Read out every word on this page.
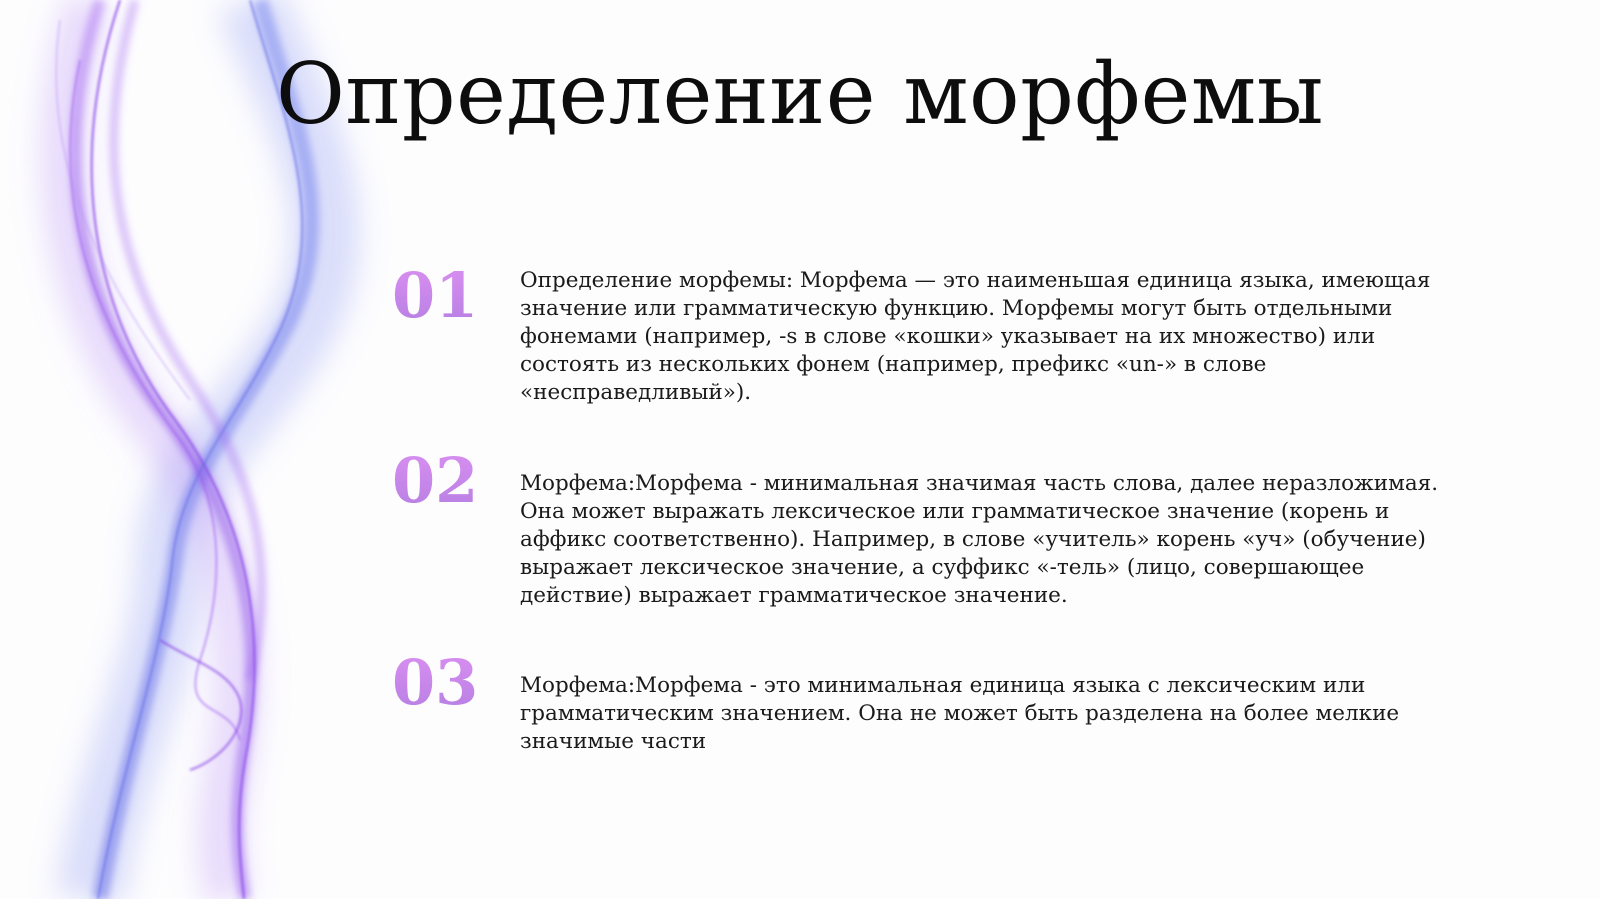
Определение морфемы
01 Определение морфемы: Морфема — это наименьшая единица языка, имеющая значение или грамматическую функцию. Морфемы могут быть отдельными фонемами (например, -s в слове «кошки» указывает на их множество) или состоять из нескольких фонем (например, префикс «un-» в слове «несправедливый»).

02 Морфема:Морфема - минимальная значимая часть слова, далее неразложимая. Она может выражать лексическое или грамматическое значение (корень и аффикс соответственно). Например, в слове «учитель» корень «уч» (обучение) выражает лексическое значение, а суффикс «-тель» (лицо, совершающее действие) выражает грамматическое значение.

03 Морфема:Морфема - это минимальная единица языка с лексическим или грамматическим значением. Она не может быть разделена на более мелкие значимые части
